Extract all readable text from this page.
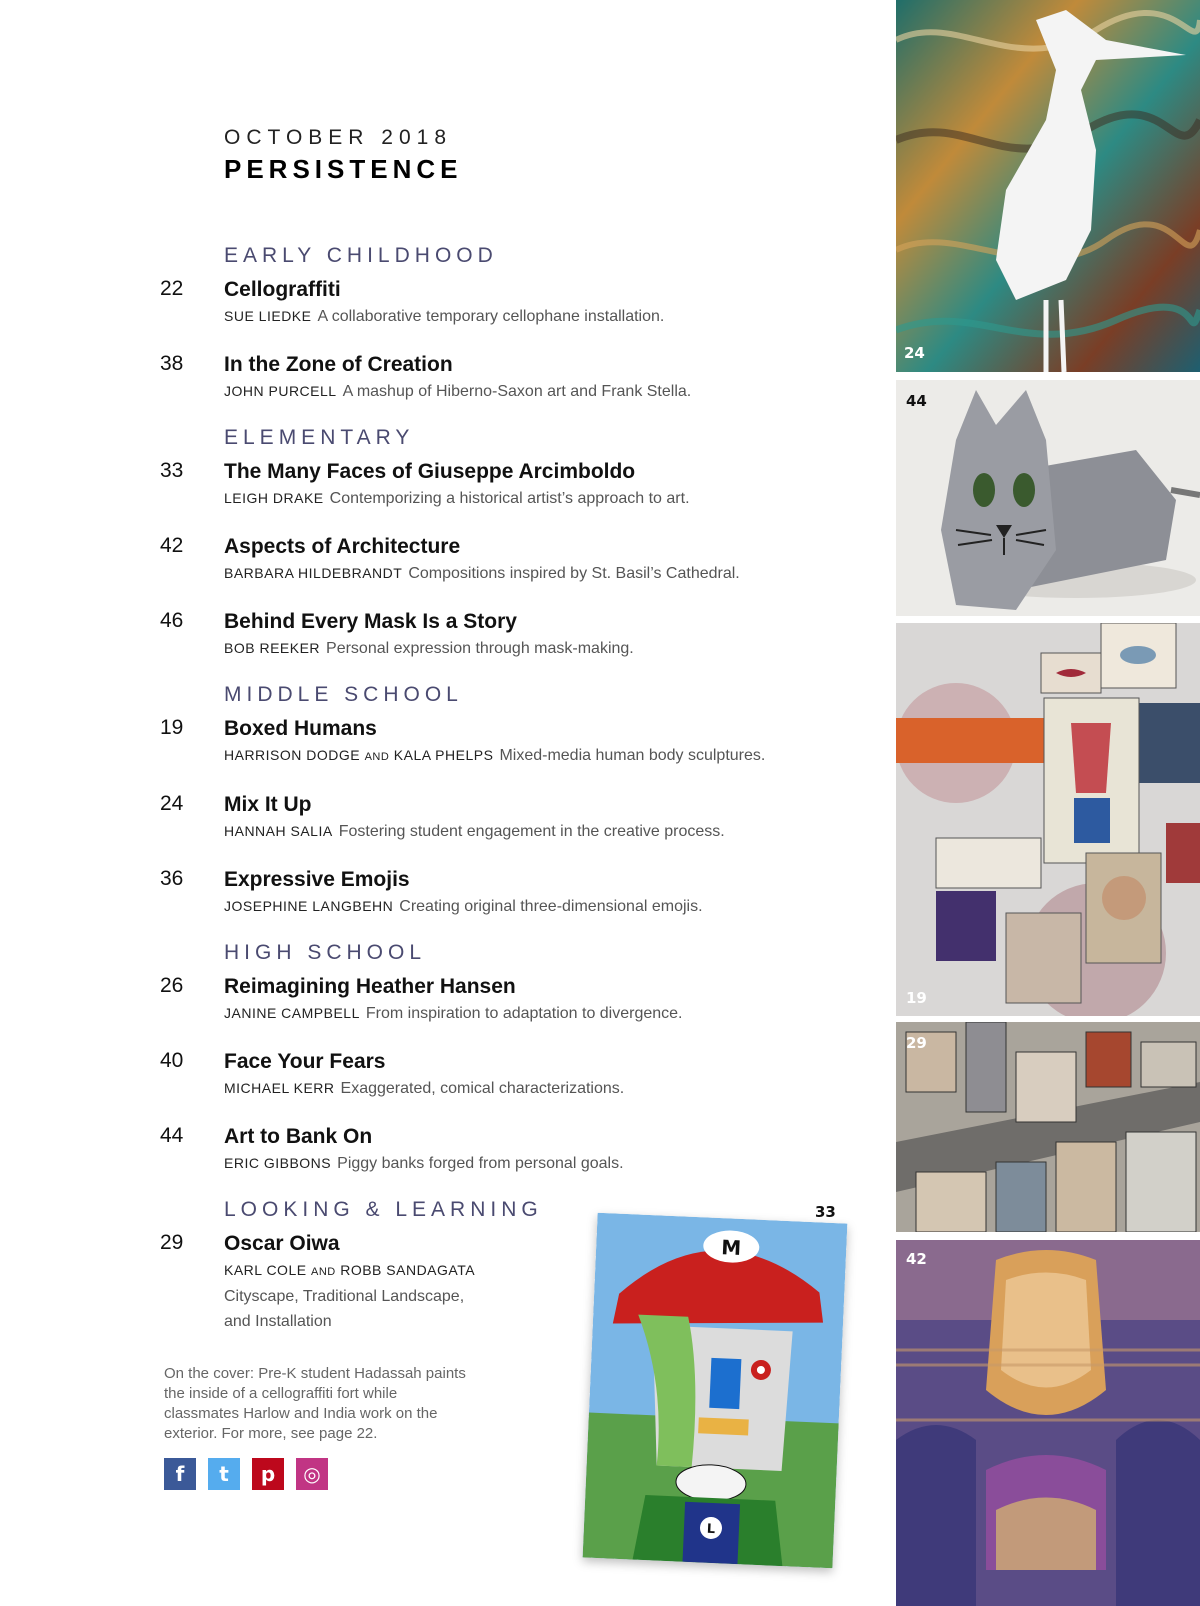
OCTOBER 2018
PERSISTENCE
EARLY CHILDHOOD
22	Cellograffiti
SUE LIEDKE A collaborative temporary cellophane installation.
38	In the Zone of Creation
JOHN PURCELL A mashup of Hiberno-Saxon art and Frank Stella.
ELEMENTARY
33	The Many Faces of Giuseppe Arcimboldo
LEIGH DRAKE Contemporizing a historical artist’s approach to art.
42	Aspects of Architecture
BARBARA HILDEBRANDT Compositions inspired by St. Basil’s Cathedral.
46	Behind Every Mask Is a Story
BOB REEKER Personal expression through mask-making.
MIDDLE SCHOOL
19	Boxed Humans
HARRISON DODGE AND KALA PHELPS Mixed-media human body sculptures.
24	Mix It Up
HANNAH SALIA Fostering student engagement in the creative process.
36	Expressive Emojis
JOSEPHINE LANGBEHN Creating original three-dimensional emojis.
HIGH SCHOOL
26	Reimagining Heather Hansen
JANINE CAMPBELL From inspiration to adaptation to divergence.
40	Face Your Fears
MICHAEL KERR Exaggerated, comical characterizations.
44	Art to Bank On
ERIC GIBBONS Piggy banks forged from personal goals.
LOOKING & LEARNING
29	Oscar Oiwa
KARL COLE AND ROBB SANDAGATA
Cityscape, Traditional Landscape,
and Installation
On the cover: Pre-K student Hadassah paints the inside of a cellograffiti fort while classmates Harlow and India work on the exterior. For more, see page 22.
f	t	p	◎
24
44
19
29
42
33
M
L
